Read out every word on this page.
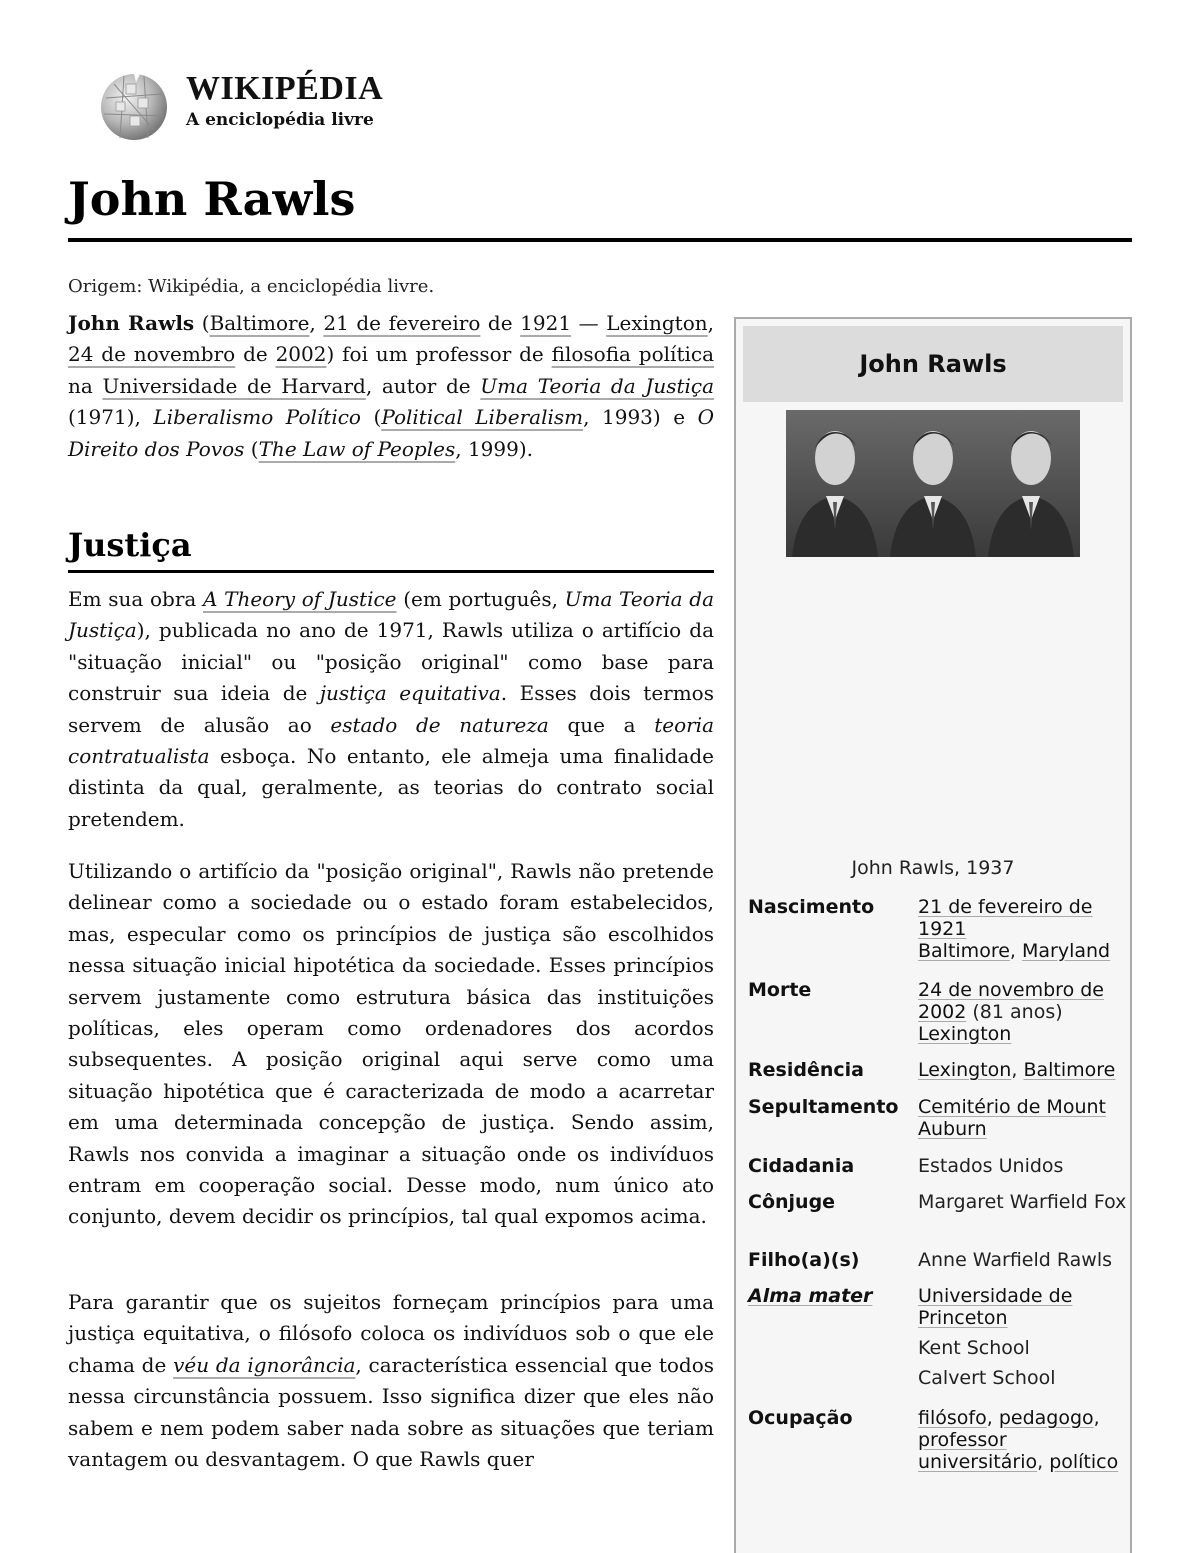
WIKIPÉDIA
A enciclopédia livre
John Rawls
Origem: Wikipédia, a enciclopédia livre.

John Rawls (Baltimore, 21 de fevereiro de 1921 — Lexington, 24 de novembro de 2002) foi um professor de filosofia política na Universidade de Harvard, autor de Uma Teoria da Justiça (1971), Liberalismo Político (Political Liberalism, 1993) e O Direito dos Povos (The Law of Peoples, 1999).

Justiça

Em sua obra A Theory of Justice (em português, Uma Teoria da Justiça), publicada no ano de 1971, Rawls utiliza o artifício da "situação inicial" ou "posição original" como base para construir sua ideia de justiça equitativa. Esses dois termos servem de alusão ao estado de natureza que a teoria contratualista esboça. No entanto, ele almeja uma finalidade distinta da qual, geralmente, as teorias do contrato social pretendem.

Utilizando o artifício da "posição original", Rawls não pretende delinear como a sociedade ou o estado foram estabelecidos, mas, especular como os princípios de justiça são escolhidos nessa situação inicial hipotética da sociedade. Esses princípios servem justamente como estrutura básica das instituições políticas, eles operam como ordenadores dos acordos subsequentes. A posição original aqui serve como uma situação hipotética que é caracterizada de modo a acarretar em uma determinada concepção de justiça. Sendo assim, Rawls nos convida a imaginar a situação onde os indivíduos entram em cooperação social. Desse modo, num único ato conjunto, devem decidir os princípios, tal qual expomos acima.

Para garantir que os sujeitos forneçam princípios para uma justiça equitativa, o filósofo coloca os indivíduos sob o que ele chama de véu da ignorância, característica essencial que todos nessa circunstância possuem. Isso significa dizer que eles não sabem e nem podem saber nada sobre as situações que teriam vantagem ou desvantagem. O que Rawls quer

John Rawls
John Rawls, 1937
Nascimento	21 de fevereiro de 1921
Baltimore, Maryland
Morte	24 de novembro de 2002 (81 anos)
Lexington
Residência	Lexington, Baltimore
Sepultamento	Cemitério de Mount Auburn
Cidadania	Estados Unidos
Cônjuge	Margaret Warfield Fox
Filho(a)(s)	Anne Warfield Rawls
Alma mater	Universidade de Princeton
Kent School
Calvert School
Ocupação	filósofo, pedagogo, professor universitário, político
